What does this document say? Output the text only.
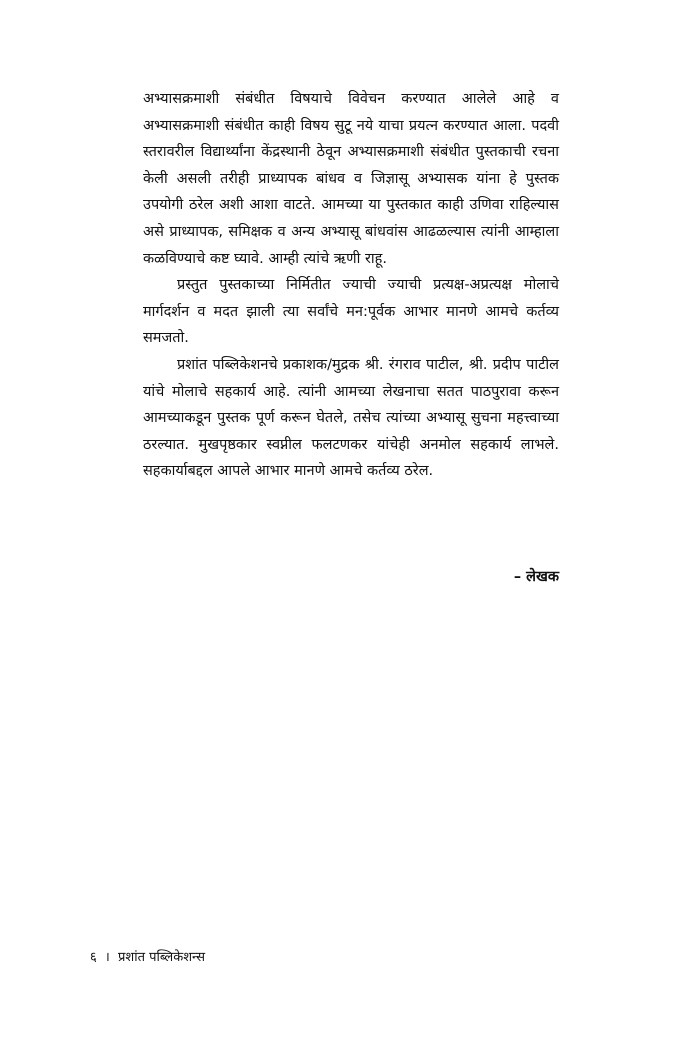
अभ्यासक्रमाशी संबंधीत विषयाचे विवेचन करण्यात आलेले आहे व अभ्यासक्रमाशी संबंधीत काही विषय सुटू नये याचा प्रयत्न करण्यात आला. पदवी स्तरावरील विद्यार्थ्यांना केंद्रस्थानी ठेवून अभ्यासक्रमाशी संबंधीत पुस्तकाची रचना केली असली तरीही प्राध्यापक बांधव व जिज्ञासू अभ्यासक यांना हे पुस्तक उपयोगी ठरेल अशी आशा वाटते. आमच्या या पुस्तकात काही उणिवा राहिल्यास असे प्राध्यापक, समिक्षक व अन्य अभ्यासू बांधवांस आढळल्यास त्यांनी आम्हाला कळविण्याचे कष्ट घ्यावे. आम्ही त्यांचे ऋणी राहू.

प्रस्तुत पुस्तकाच्या निर्मितीत ज्याची ज्याची प्रत्यक्ष-अप्रत्यक्ष मोलाचे मार्गदर्शन व मदत झाली त्या सर्वांचे मन:पूर्वक आभार मानणे आमचे कर्तव्य समजतो.

प्रशांत पब्लिकेशनचे प्रकाशक/मुद्रक श्री. रंगराव पाटील, श्री. प्रदीप पाटील यांचे मोलाचे सहकार्य आहे. त्यांनी आमच्या लेखनाचा सतत पाठपुरावा करून आमच्याकडून पुस्तक पूर्ण करून घेतले, तसेच त्यांच्या अभ्यासू सुचना महत्त्वाच्या ठरल्यात. मुखपृष्ठकार स्वप्नील फलटणकर यांचेही अनमोल सहकार्य लाभले. सहकार्याबद्दल आपले आभार मानणे आमचे कर्तव्य ठरेल.

– लेखक
६ । प्रशांत पब्लिकेशन्स
